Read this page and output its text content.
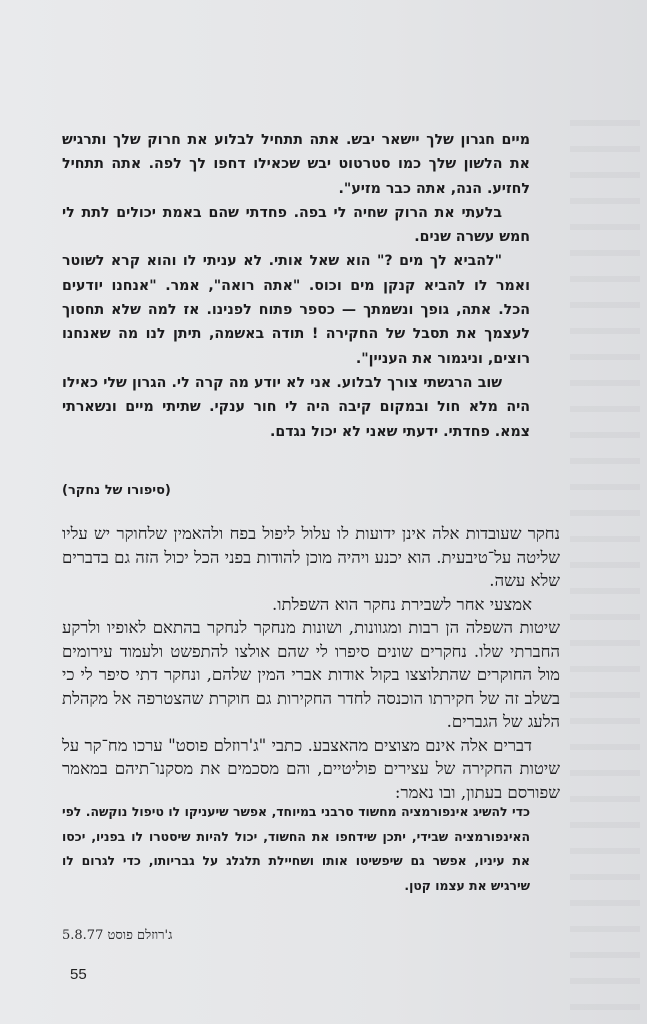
מיים חגרון שלך יישאר יבש. אתה תתחיל לבלוע את חרוק שלך ותרגיש את הלשון שלך כמו סטרטוט יבש שכאילו דחפו לך לפה. אתה תתחיל לחזיע. הנה, אתה כבר מזיע".

בלעתי את הרוק שחיה לי בפה. פחדתי שהם באמת יכולים לתת לי חמש עשרה שנים.

"להביא לך מים ?" הוא שאל אותי. לא עניתי לו והוא קרא לשוטר ואמר לו להביא קנקן מים וכוס. "אתה רואה", אמר. "אנחנו יודעים הכל. אתה, גופך ונשמתך — כספר פתוח לפנינו. אז למה שלא תחסוך לעצמך את תסבל של החקירה ! תודה באשמה, תיתן לנו מה שאנחנו רוצים, וניגמור את העניין".

שוב הרגשתי צורך לבלוע. אני לא יודע מה קרה לי. הגרון שלי כאילו היה מלא חול ובמקום קיבה היה לי חור ענקי. שתיתי מיים ונשארתי צמא. פחדתי. ידעתי שאני לא יכול נגדם.

(סיפורו של נחקר)

נחקר שעובדות אלה אינן ידועות לו עלול ליפול בפח ולהאמין שלחוקר יש עליו שליטה על־טיבעית. הוא יכנע ויהיה מוכן להודות בפני הכל יכול הזה גם בדברים שלא עשה.

אמצעי אחר לשבירת נחקר הוא השפלתו.

שיטות השפלה הן רבות ומגוונות, ושונות מנחקר לנחקר בהתאם לאופיו ולרקע החברתי שלו. נחקרים שונים סיפרו לי שהם אולצו להתפשט ולעמוד עירומים מול החוקרים שהתלוצצו בקול אודות אברי המין שלהם, ונחקר דתי סיפר לי כי בשלב זה של חקירתו הוכנסה לחדר החקירות גם חוקרת שהצטרפה אל מקהלת הלעג של הגברים.

דברים אלה אינם מצוצים מהאצבע. כתבי "ג'רוזלם פוסט" ערכו מח־קר על שיטות החקירה של עצירים פוליטיים, והם מסכמים את מסקנו־תיהם במאמר שפורסם בעתון, ובו נאמר:

כדי להשיג אינפורמציה מחשוד סרבני במיוחד, אפשר שיעניקו לו טיפול נוקשה. לפי האינפורמציה שבידי, יתכן שידחפו את החשוד, יכול להיות שיסטרו לו בפניו, יכסו את עיניו, אפשר גם שיפשיטו אותו ושחיילת תלגלג על גבריותו, כדי לגרום לו שירגיש את עצמו קטן.
ג'רוזלם פוסט 5.8.77
55
